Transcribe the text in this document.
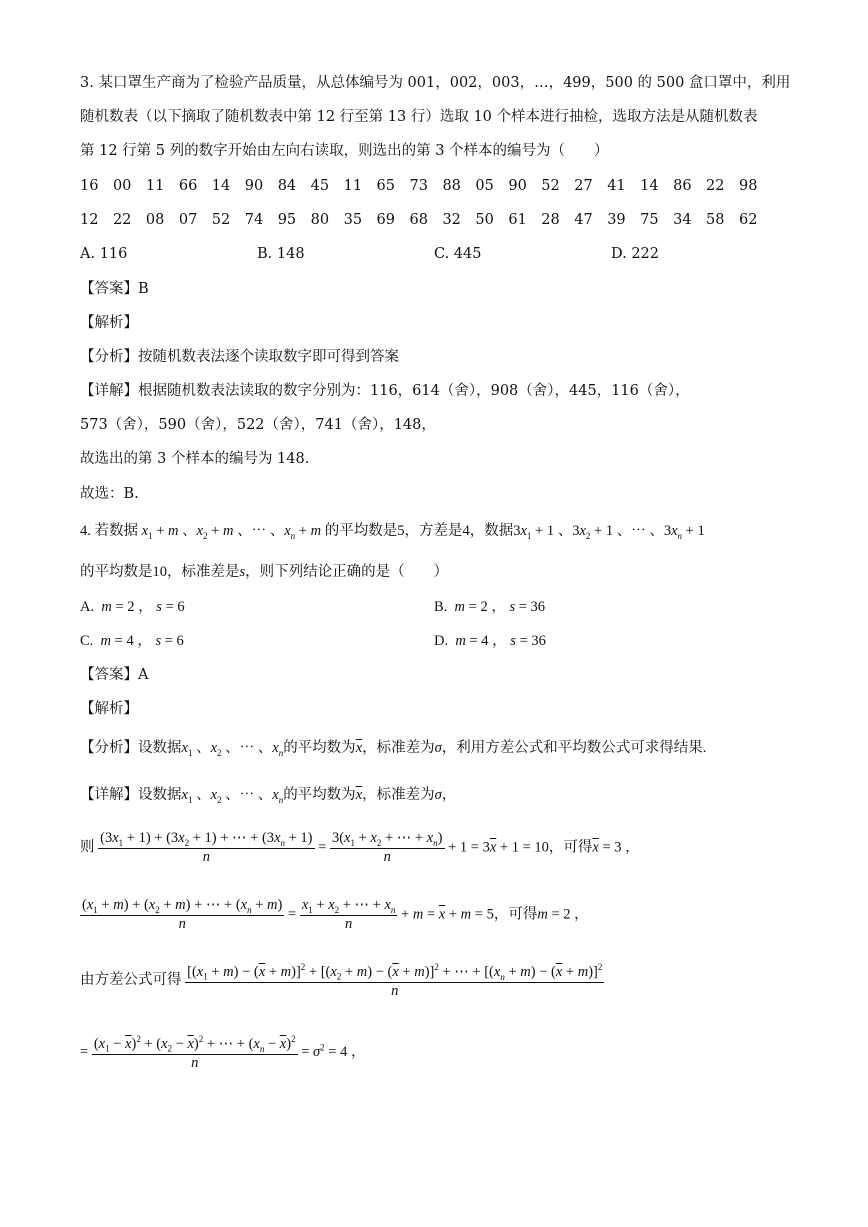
3. 某口罩生产商为了检验产品质量，从总体编号为 001，002，003，…，499，500 的 500 盒口罩中，利用
随机数表（以下摘取了随机数表中第 12 行至第 13 行）选取 10 个样本进行抽检，选取方法是从随机数表
第 12 行第 5 列的数字开始由左向右读取，则选出的第 3 个样本的编号为（　　）
16　00　11　66　14　90　84　45　11　65　73　88　05　90　52　27　41　14　86　22　98
12　22　08　07　52　74　95　80　35　69　68　32　50　61　28　47　39　75　34　58　62
A. 116	B. 148	C. 445	D. 222
【答案】B
【解析】
【分析】按随机数表法逐个读取数字即可得到答案
【详解】根据随机数表法读取的数字分别为：116，614（舍），908（舍），445，116（舍），
573（舍），590（舍），522（舍），741（舍），148，
故选出的第 3 个样本的编号为 148.
故选：B.
4. 若数据 $x_1 + m$ 、$x_2 + m$ 、⋯ 、$x_n + m$ 的平均数是5，方差是4，数据$3x_1 + 1$ 、$3x_2 + 1$ 、⋯ 、$3x_n + 1$
的平均数是10，标准差是s，则下列结论正确的是（　　）
A. m = 2 ， s = 6	B. m = 2 ， s = 36
C. m = 4 ， s = 6	D. m = 4 ， s = 36
【答案】A
【解析】
【分析】设数据$x_1$ 、$x_2$ 、⋯ 、$x_n$的平均数为$\overline{x}$，标准差为σ，利用方差公式和平均数公式可求得结果.
【详解】设数据$x_1$ 、$x_2$ 、⋯ 、$x_n$的平均数为$\overline{x}$，标准差为σ，
则 $\frac{(3x_1 + 1) + (3x_2 + 1) + \cdots + (3x_n + 1)}{n} = \frac{3(x_1 + x_2 + \cdots + x_n)}{n} + 1 = 3\overline{x} + 1 = 10$，可得$\overline{x} = 3$ ，
$\frac{(x_1 + m) + (x_2 + m) + \cdots + (x_n + m)}{n} = \frac{x_1 + x_2 + \cdots + x_n}{n} + m = \overline{x} + m = 5$，可得m = 2 ，
由方差公式可得
$[(x_1 + m) - (\overline{x} + m)]^2 + [(x_2 + m) - (\overline{x} + m)]^2$ + ⋯ + $[(x_n + m) - (\overline{x} + m)]^2$
n
= $\frac{(x_1 - \overline{x})^2 + (x_2 - \overline{x})^2 + \cdots + (x_n - \overline{x})^2}{n} = \sigma^2 = 4$ ，
